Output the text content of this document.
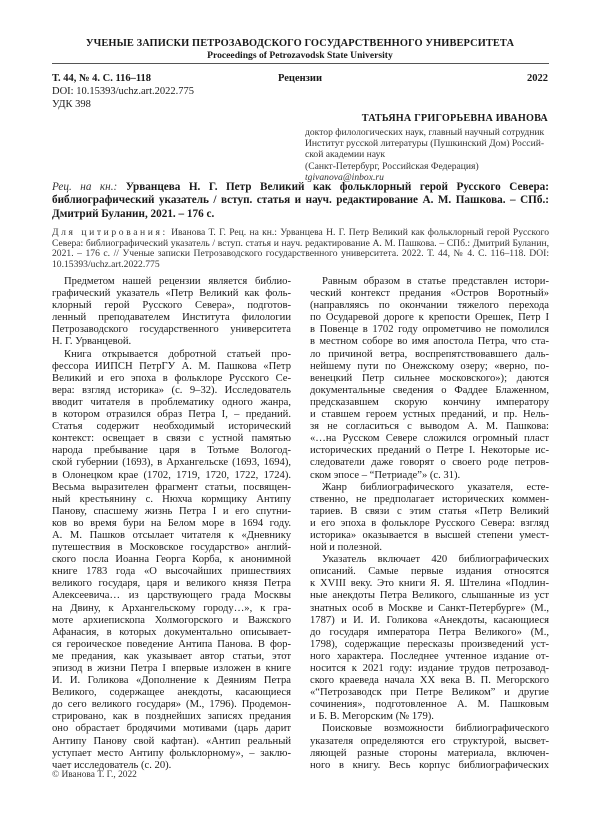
УЧЕНЫЕ ЗАПИСКИ ПЕТРОЗАВОДСКОГО ГОСУДАРСТВЕННОГО УНИВЕРСИТЕТА
Proceedings of Petrozavodsk State University
Т. 44, № 4. С. 116–118	Рецензии	2022
DOI: 10.15393/uchz.art.2022.775
УДК 398
ТАТЬЯНА ГРИГОРЬЕВНА ИВАНОВА
доктор филологических наук, главный научный сотрудник
Институт русской литературы (Пушкинский Дом) Россий-
ской академии наук
(Санкт-Петербург, Российская Федерация)
tgivanova@inbox.ru
Рец. на кн.: Урванцева Н. Г. Петр Великий как фольклорный герой Русского Севера: библиографический указатель / вступ. статья и науч. редактирование А. М. Пашкова. – СПб.: Дмитрий Буланин, 2021. – 176 с.
Для цитирования: Иванова Т. Г. Рец. на кн.: Урванцева Н. Г. Петр Великий как фольклорный герой Русского Севера: библиографический указатель / вступ. статья и науч. редактирование А. М. Пашкова. – СПб.: Дмитрий Буланин, 2021. – 176 с. // Ученые записки Петрозаводского государственного университета. 2022. Т. 44, № 4. С. 116–118. DOI: 10.15393/uchz.art.2022.775
Предметом нашей рецензии является библио-
графический указатель «Петр Великий как фоль-
клорный герой Русского Севера», подготов-
ленный преподавателем Института филологии
Петрозаводского государственного университета
Н. Г. Урванцевой.
Книга открывается добротной статьей про-
фессора ИИПСН ПетрГУ А. М. Пашкова «Петр
Великий и его эпоха в фольклоре Русского Се-
вера: взгляд историка» (с. 9–32). Исследователь
вводит читателя в проблематику одного жанра,
в котором отразился образ Петра I, – преданий.
Статья содержит необходимый исторический
контекст: освещает в связи с устной памятью
народа пребывание царя в Тотьме Вологод-
ской губернии (1693), в Архангельске (1693, 1694),
в Олонецком крае (1702, 1719, 1720, 1722, 1724).
Весьма выразителен фрагмент статьи, посвящен-
ный крестьянину с. Нюхча кормщику Антипу
Панову, спасшему жизнь Петра I и его спутни-
ков во время бури на Белом море в 1694 году.
А. М. Пашков отсылает читателя к «Дневнику
путешествия в Московское государство» англий-
ского посла Иоанна Георга Корба, к анонимной
книге 1783 года «О высочайших пришествиях
великого государя, царя и великого князя Петра
Алексеевича… из царствующего града Москвы
на Двину, к Архангельскому городу…», к гра-
моте архиепископа Холмогорского и Важского
Афанасия, в которых документально описывает-
ся героическое поведение Антипа Панова. В фор-
ме предания, как указывает автор статьи, этот
эпизод в жизни Петра I впервые изложен в книге
И. И. Голикова «Дополнение к Деяниям Петра
Великого, содержащее анекдоты, касающиеся
до сего великого государя» (М., 1796). Продемон-
стрировано, как в позднейших записях предания
оно обрастает бродячими мотивами (царь дарит
Антипу Панову свой кафтан). «Антип реальный
уступает место Антипу фольклорному», – заклю-
чает исследователь (с. 20).
Равным образом в статье представлен истори-
ческий контекст предания «Остров Воротный»
(направляясь по окончании тяжелого перехода
по Осударевой дороге к крепости Орешек, Петр I
в Повенце в 1702 году опрометчиво не помолился
в местном соборе во имя апостола Петра, что ста-
ло причиной ветра, воспрепятствовавшего даль-
нейшему пути по Онежскому озеру; «верно, по-
венецкий Петр сильнее московского»); даются
документальные сведения о Фаддее Блаженном,
предсказавшем скорую кончину императору
и ставшем героем устных преданий, и пр. Нель-
зя не согласиться с выводом А. М. Пашкова:
«…на Русском Севере сложился огромный пласт
исторических преданий о Петре I. Некоторые ис-
следователи даже говорят о своего роде петров-
ском эпосе – “Петриаде”» (с. 31).
Жанр библиографического указателя, есте-
ственно, не предполагает исторических коммен-
тариев. В связи с этим статья «Петр Великий
и его эпоха в фольклоре Русского Севера: взгляд
историка» оказывается в высшей степени умест-
ной и полезной.
Указатель включает 420 библиографических
описаний. Самые первые издания относятся
к XVIII веку. Это книги Я. Я. Штелина «Подлин-
ные анекдоты Петра Великого, слышанные из уст
знатных особ в Москве и Санкт-Петербурге» (М.,
1787) и И. И. Голикова «Анекдоты, касающиеся
до государя императора Петра Великого» (М.,
1798), содержащие пересказы произведений уст-
ного характера. Последнее учтенное издание от-
носится к 2021 году: издание трудов петрозавод-
ского краеведа начала XX века В. П. Мегорского
«“Петрозаводск при Петре Великом” и другие
сочинения», подготовленное А. М. Пашковым
и Б. В. Мегорским (№ 179).
Поисковые возможности библиографического
указателя определяются его структурой, высвет-
ляющей разные стороны материала, включен-
ного в книгу. Весь корпус библиографических
© Иванова Т. Г., 2022
